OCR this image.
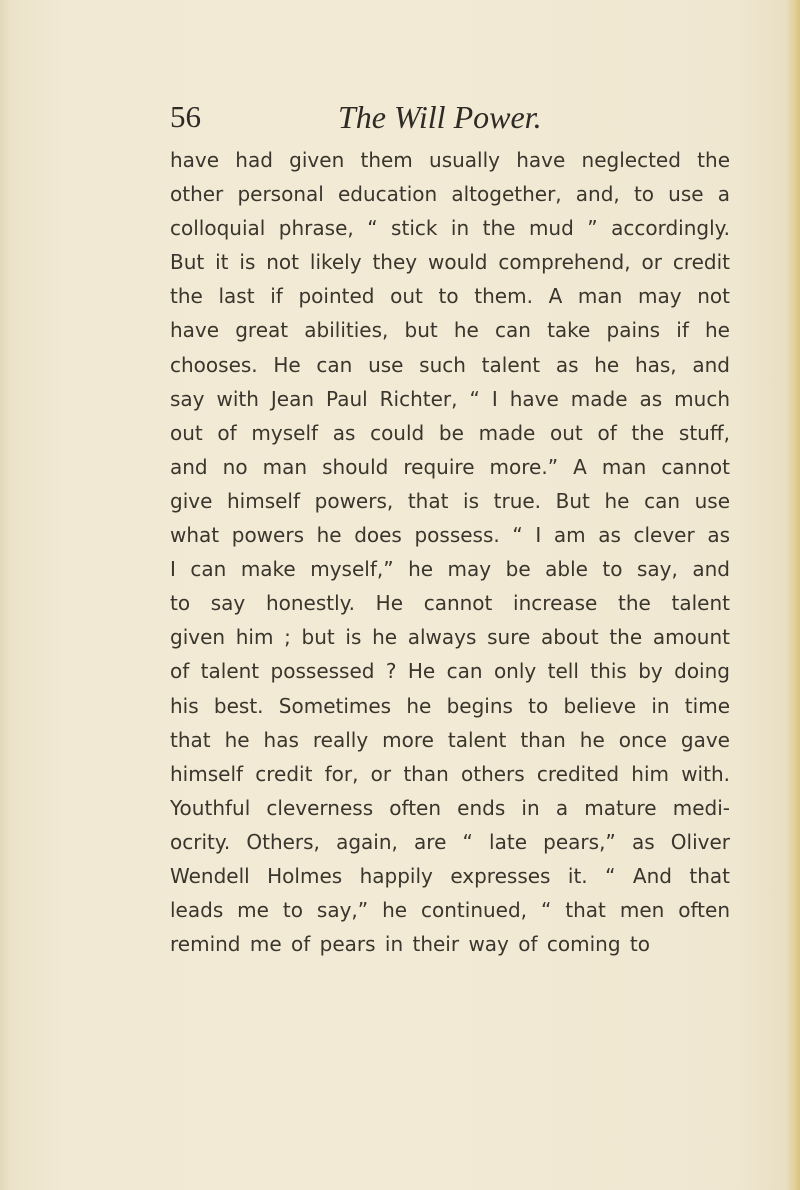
56	The Will Power.
have had given them usually have neglected the
other personal education altogether, and, to use a
colloquial phrase, “ stick in the mud ” accordingly.
But it is not likely they would comprehend, or credit
the last if pointed out to them. A man may not
have great abilities, but he can take pains if he
chooses. He can use such talent as he has, and
say with Jean Paul Richter, “ I have made as much
out of myself as could be made out of the stuff,
and no man should require more.” A man cannot
give himself powers, that is true. But he can use
what powers he does possess. “ I am as clever as
I can make myself,” he may be able to say, and
to say honestly. He cannot increase the talent
given him ; but is he always sure about the amount
of talent possessed ? He can only tell this by doing
his best. Sometimes he begins to believe in time
that he has really more talent than he once gave
himself credit for, or than others credited him with.
Youthful cleverness often ends in a mature medi-
ocrity. Others, again, are “ late pears,” as Oliver
Wendell Holmes happily expresses it. “ And that
leads me to say,” he continued, “ that men often
remind me of pears in their way of coming to
